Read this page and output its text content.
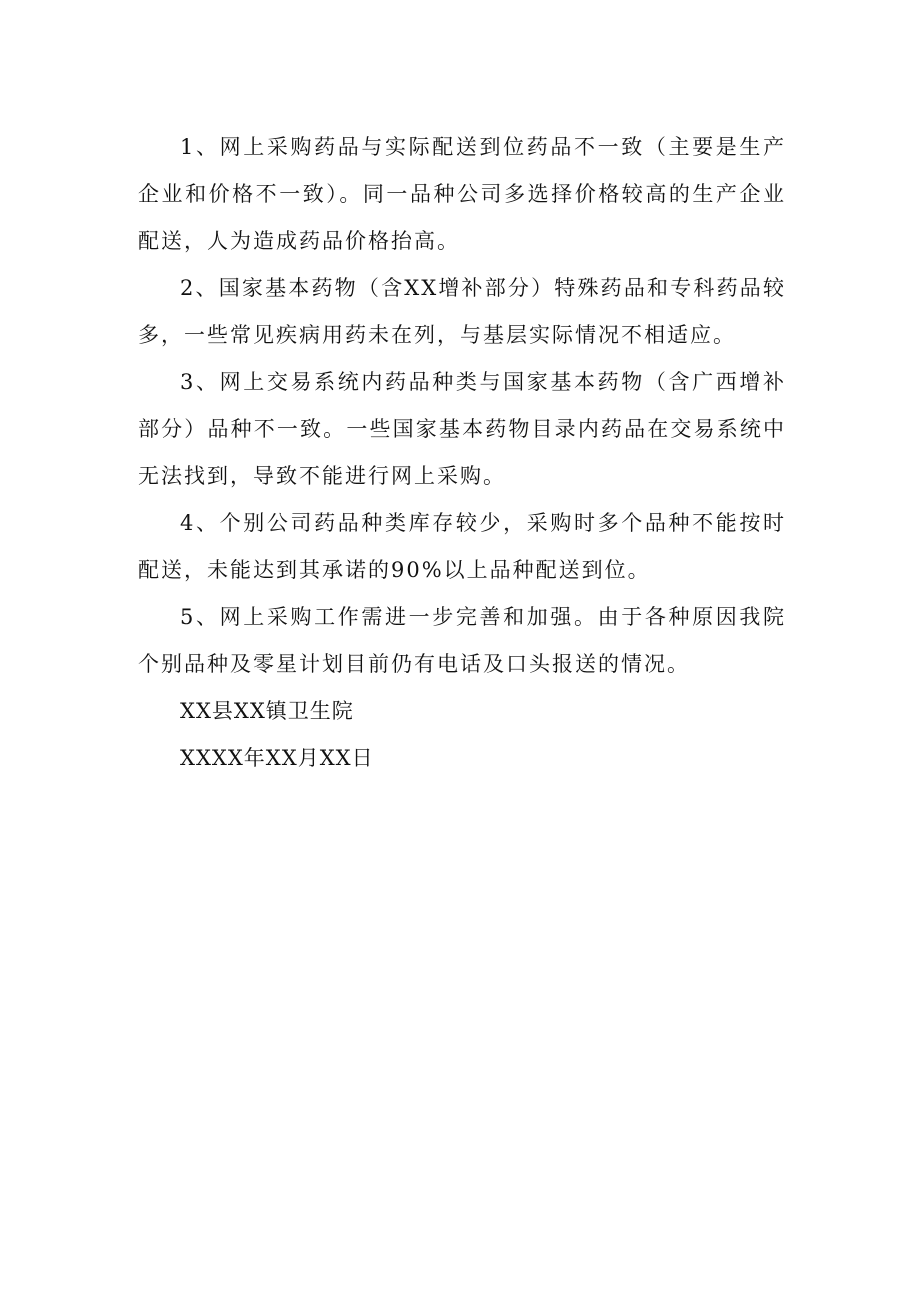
1、网上采购药品与实际配送到位药品不一致（主要是生产企业和价格不一致）。同一品种公司多选择价格较高的生产企业配送，人为造成药品价格抬高。

2、国家基本药物（含XX增补部分）特殊药品和专科药品较多，一些常见疾病用药未在列，与基层实际情况不相适应。

3、网上交易系统内药品种类与国家基本药物（含广西增补部分）品种不一致。一些国家基本药物目录内药品在交易系统中无法找到，导致不能进行网上采购。

4、个别公司药品种类库存较少，采购时多个品种不能按时配送，未能达到其承诺的90%以上品种配送到位。

5、网上采购工作需进一步完善和加强。由于各种原因我院个别品种及零星计划目前仍有电话及口头报送的情况。

XX县XX镇卫生院

XXXX年XX月XX日
